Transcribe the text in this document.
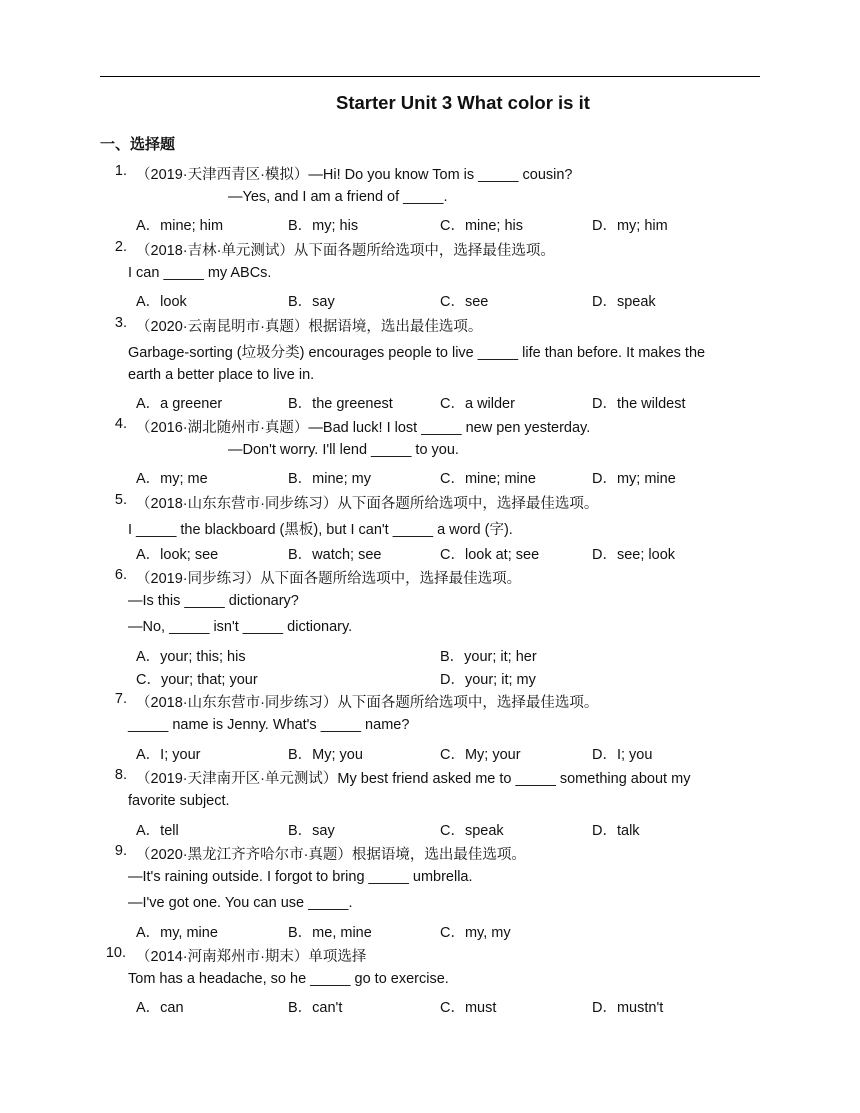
Starter Unit 3 What color is it
一、选择题
1. （2019·天津西青区·模拟）—Hi! Do you know Tom is _____ cousin?
—Yes, and I am a friend of _____.
A．mine; him	B．my; his	C．mine; his	D．my; him
2. （2018·吉林·单元测试）从下面各题所给选项中，选择最佳选项。
I can _____ my ABCs.
A．look	B．say	C．see	D．speak
3. （2020·云南昆明市·真题）根据语境，选出最佳选项。
Garbage-sorting (垃圾分类) encourages people to live _____ life than before. It makes the
earth a better place to live in.
A．a greener	B．the greenest	C．a wilder	D．the wildest
4. （2016·湖北随州市·真题）—Bad luck! I lost _____ new pen yesterday.
—Don't worry. I'll lend _____ to you.
A．my; me	B．mine; my	C．mine; mine	D．my; mine
5. （2018·山东东营市·同步练习）从下面各题所给选项中，选择最佳选项。
I _____ the blackboard (黑板), but I can't _____ a word (字).
A．look; see	B．watch; see	C．look at; see	D．see; look
6. （2019·同步练习）从下面各题所给选项中，选择最佳选项。
—Is this _____ dictionary?
—No, _____ isn't _____ dictionary.
A．your; this; his	B．your; it; her
C．your; that; your	D．your; it; my
7. （2018·山东东营市·同步练习）从下面各题所给选项中，选择最佳选项。
_____ name is Jenny. What's _____ name?
A．I; your	B．My; you	C．My; your	D．I; you
8. （2019·天津南开区·单元测试）My best friend asked me to _____ something about my
favorite subject.
A．tell	B．say	C．speak	D．talk
9. （2020·黑龙江齐齐哈尔市·真题）根据语境，选出最佳选项。
—It's raining outside. I forgot to bring _____ umbrella.
—I've got one. You can use _____.
A．my, mine	B．me, mine	C．my, my
10. （2014·河南郑州市·期末）单项选择
Tom has a headache, so he _____ go to exercise.
A．can	B．can't	C．must	D．mustn't
